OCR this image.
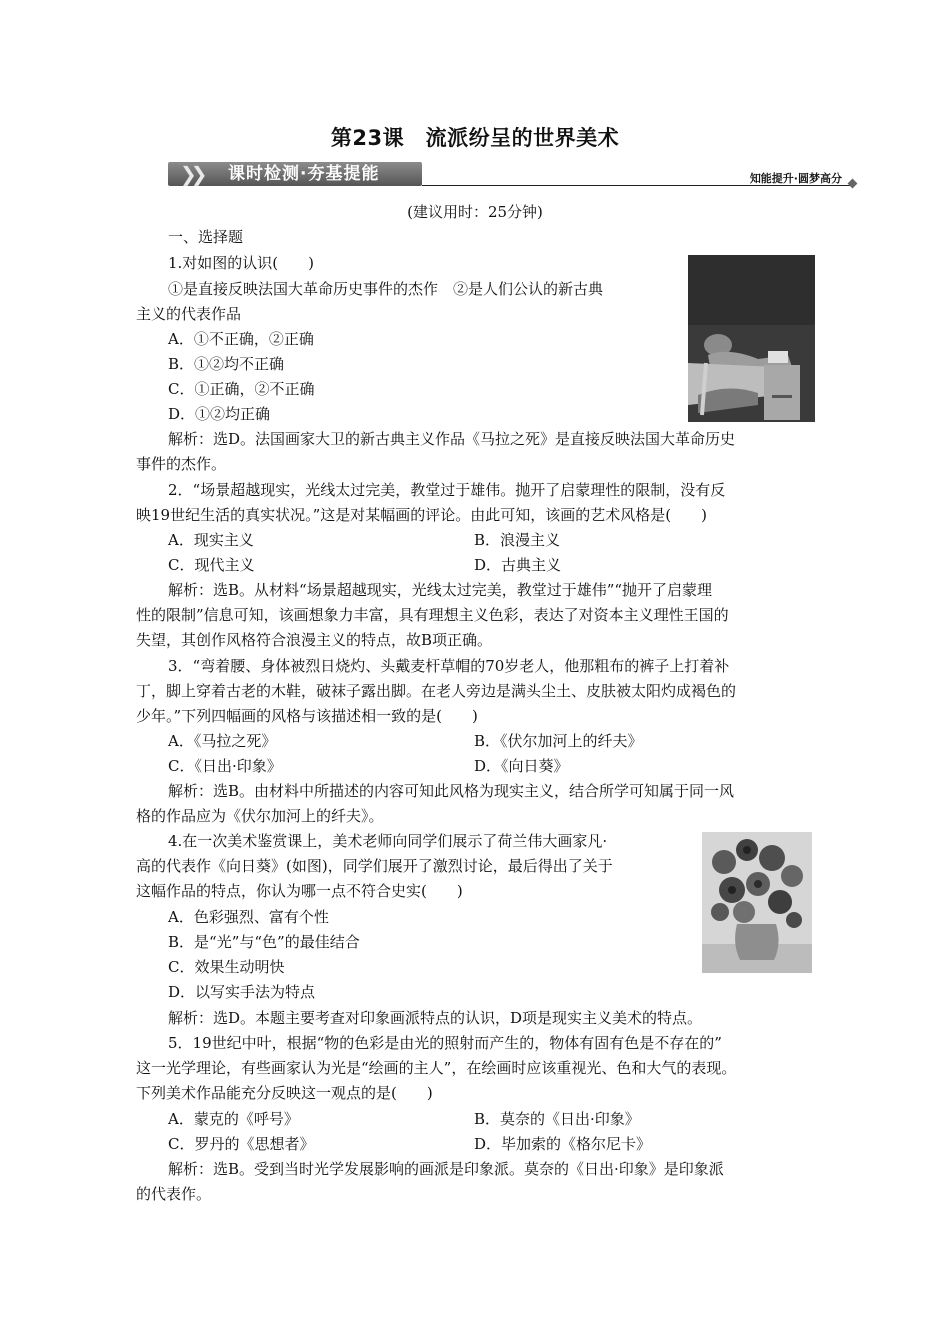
第23课　流派纷呈的世界美术
❯❯ 课时检测·夯基提能	知能提升·圆梦高分
(建议用时：25分钟)
一、选择题
1.对如图的认识(　　)
①是直接反映法国大革命历史事件的杰作　②是人们公认的新古典
主义的代表作品
A．①不正确，②正确
B．①②均不正确
C．①正确，②不正确
D．①②均正确
解析：选D。法国画家大卫的新古典主义作品《马拉之死》是直接反映法国大革命历史
事件的杰作。
2．“场景超越现实，光线太过完美，教堂过于雄伟。抛开了启蒙理性的限制，没有反
映19世纪生活的真实状况。”这是对某幅画的评论。由此可知，该画的艺术风格是(　　)
A．现实主义	B．浪漫主义
C．现代主义	D．古典主义
解析：选B。从材料“场景超越现实，光线太过完美，教堂过于雄伟”“抛开了启蒙理
性的限制”信息可知，该画想象力丰富，具有理想主义色彩，表达了对资本主义理性王国的
失望，其创作风格符合浪漫主义的特点，故B项正确。
3．“弯着腰、身体被烈日烧灼、头戴麦杆草帽的70岁老人，他那粗布的裤子上打着补
丁，脚上穿着古老的木鞋，破袜子露出脚。在老人旁边是满头尘土、皮肤被太阳灼成褐色的
少年。”下列四幅画的风格与该描述相一致的是(　　)
A．《马拉之死》	B．《伏尔加河上的纤夫》
C．《日出·印象》	D．《向日葵》
解析：选B。由材料中所描述的内容可知此风格为现实主义，结合所学可知属于同一风
格的作品应为《伏尔加河上的纤夫》。
4.在一次美术鉴赏课上，美术老师向同学们展示了荷兰伟大画家凡·
高的代表作《向日葵》(如图)，同学们展开了激烈讨论，最后得出了关于
这幅作品的特点，你认为哪一点不符合史实(　　)
A．色彩强烈、富有个性
B．是“光”与“色”的最佳结合
C．效果生动明快
D．以写实手法为特点
解析：选D。本题主要考查对印象画派特点的认识，D项是现实主义美术的特点。
5．19世纪中叶，根据“物的色彩是由光的照射而产生的，物体有固有色是不存在的”
这一光学理论，有些画家认为光是“绘画的主人”，在绘画时应该重视光、色和大气的表现。
下列美术作品能充分反映这一观点的是(　　)
A．蒙克的《呼号》	B．莫奈的《日出·印象》
C．罗丹的《思想者》	D．毕加索的《格尔尼卡》
解析：选B。受到当时光学发展影响的画派是印象派。莫奈的《日出·印象》是印象派
的代表作。
